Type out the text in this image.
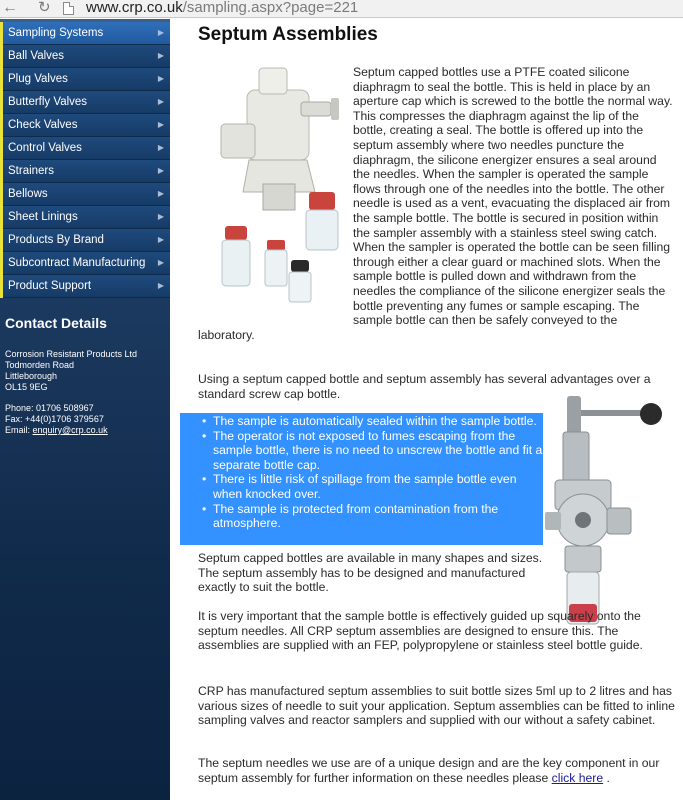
← ↻ www.crp.co.uk/sampling.aspx?page=221
Sampling Systems	▶
Ball Valves	▶
Plug Valves	▶
Butterfly Valves	▶
Check Valves	▶
Control Valves	▶
Strainers	▶
Bellows	▶
Sheet Linings	▶
Products By Brand	▶
Subcontract Manufacturing ▶
Product Support	▶
Contact Details
Corrosion Resistant Products Ltd
Todmorden Road
Littleborough
OL15 9EG
Phone: 01706 508967
Fax: +44(0)1706 379567
Email: enquiry@crp.co.uk
Septum Assemblies
Septum capped bottles use a PTFE coated silicone diaphragm to seal the bottle. This is held in place by an aperture cap which is screwed to the bottle the normal way. This compresses the diaphragm against the lip of the bottle, creating a seal. The bottle is offered up into the septum assembly where two needles puncture the diaphragm, the silicone energizer ensures a seal around the needles. When the sampler is operated the sample flows through one of the needles into the bottle. The other needle is used as a vent, evacuating the displaced air from the sample bottle. The bottle is secured in position within the sampler assembly with a stainless steel swing catch. When the sampler is operated the bottle can be seen filling through either a clear guard or machined slots. When the sample bottle is pulled down and withdrawn from the needles the compliance of the silicone energizer seals the bottle preventing any fumes or sample escaping. The sample bottle can then be safely conveyed to the laboratory.
Using a septum capped bottle and septum assembly has several advantages over a standard screw cap bottle.
• The sample is automatically sealed within the sample bottle.
• The operator is not exposed to fumes escaping from the sample bottle, there is no need to unscrew the bottle and fit a separate bottle cap.
• There is little risk of spillage from the sample bottle even when knocked over.
• The sample is protected from contamination from the atmosphere.
Septum capped bottles are available in many shapes and sizes. The septum assembly has to be designed and manufactured exactly to suit the bottle.
It is very important that the sample bottle is effectively guided up squarely onto the septum needles. All CRP septum assemblies are designed to ensure this. The assemblies are supplied with an FEP, polypropylene or stainless steel bottle guide.
CRP has manufactured septum assemblies to suit bottle sizes 5ml up to 2 litres and has various sizes of needle to suit your application. Septum assemblies can be fitted to inline sampling valves and reactor samplers and supplied with our without a safety cabinet.
The septum needles we use are of a unique design and are the key component in our septum assembly for further information on these needles please click here .
